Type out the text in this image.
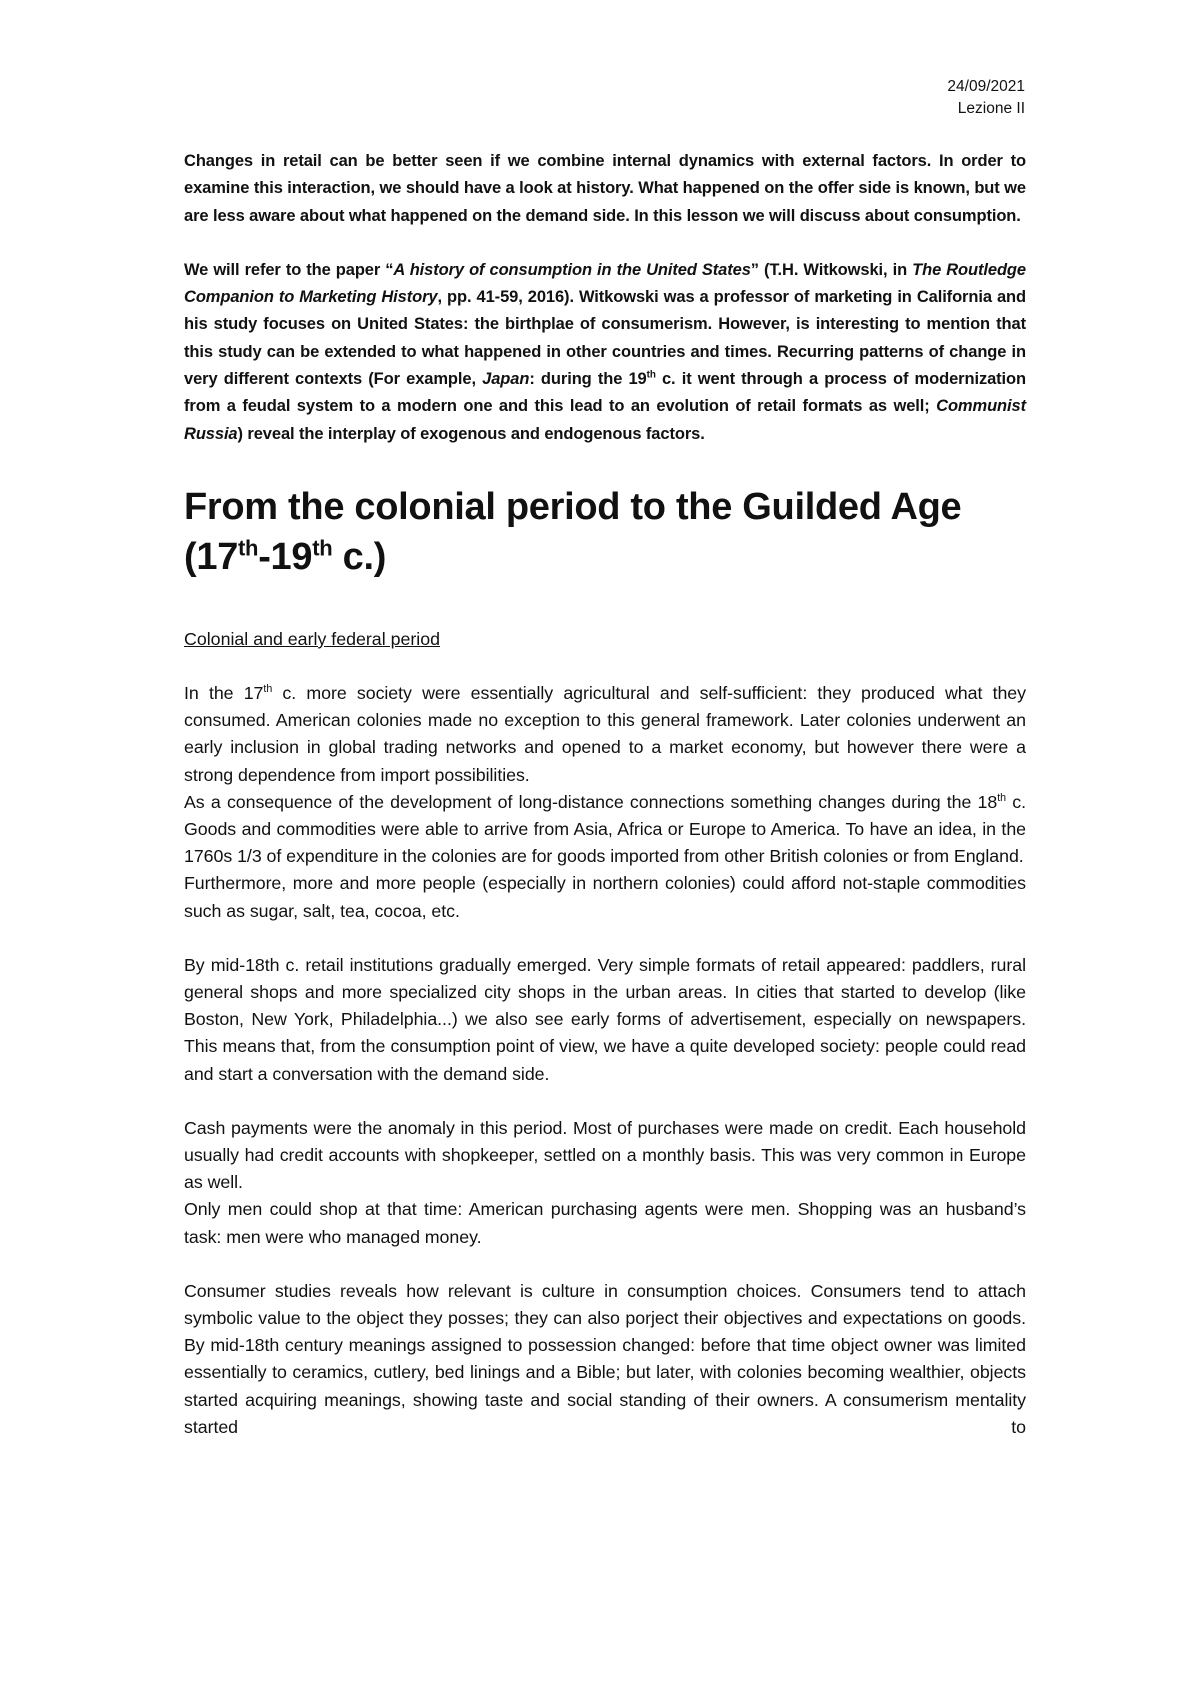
24/09/2021
Lezione II

Changes in retail can be better seen if we combine internal dynamics with external factors. In order to examine this interaction, we should have a look at history. What happened on the offer side is known, but we are less aware about what happened on the demand side. In this lesson we will discuss about consumption.

We will refer to the paper “A history of consumption in the United States” (T.H. Witkowski, in The Routledge Companion to Marketing History, pp. 41-59, 2016). Witkowski was a professor of marketing in California and his study focuses on United States: the birthplae of consumerism. However, is interesting to mention that this study can be extended to what happened in other countries and times. Recurring patterns of change in very different contexts (For example, Japan: during the 19th c. it went through a process of modernization from a feudal system to a modern one and this lead to an evolution of retail formats as well; Communist Russia) reveal the interplay of exogenous and endogenous factors.

From the colonial period to the Guilded Age (17th-19th c.)
Colonial and early federal period

In the 17th c. more society were essentially agricultural and self-sufficient: they produced what they consumed. American colonies made no exception to this general framework. Later colonies underwent an early inclusion in global trading networks and opened to a market economy, but however there were a strong dependence from import possibilities.

As a consequence of the development of long-distance connections something changes during the 18th c. Goods and commodities were able to arrive from Asia, Africa or Europe to America. To have an idea, in the 1760s 1/3 of expenditure in the colonies are for goods imported from other British colonies or from England.

Furthermore, more and more people (especially in northern colonies) could afford not-staple commodities such as sugar, salt, tea, cocoa, etc.

By mid-18th c. retail institutions gradually emerged. Very simple formats of retail appeared: paddlers, rural general shops and more specialized city shops in the urban areas. In cities that started to develop (like Boston, New York, Philadelphia...) we also see early forms of advertisement, especially on newspapers. This means that, from the consumption point of view, we have a quite developed society: people could read and start a conversation with the demand side.

Cash payments were the anomaly in this period. Most of purchases were made on credit. Each household usually had credit accounts with shopkeeper, settled on a monthly basis. This was very common in Europe as well.

Only men could shop at that time: American purchasing agents were men. Shopping was an husband’s task: men were who managed money.

Consumer studies reveals how relevant is culture in consumption choices. Consumers tend to attach symbolic value to the object they posses; they can also porject their objectives and expectations on goods. By mid-18th century meanings assigned to possession changed: before that time object owner was limited essentially to ceramics, cutlery, bed linings and a Bible; but later, with colonies becoming wealthier, objects started acquiring meanings, showing taste and social standing of their owners. A consumerism mentality started to
